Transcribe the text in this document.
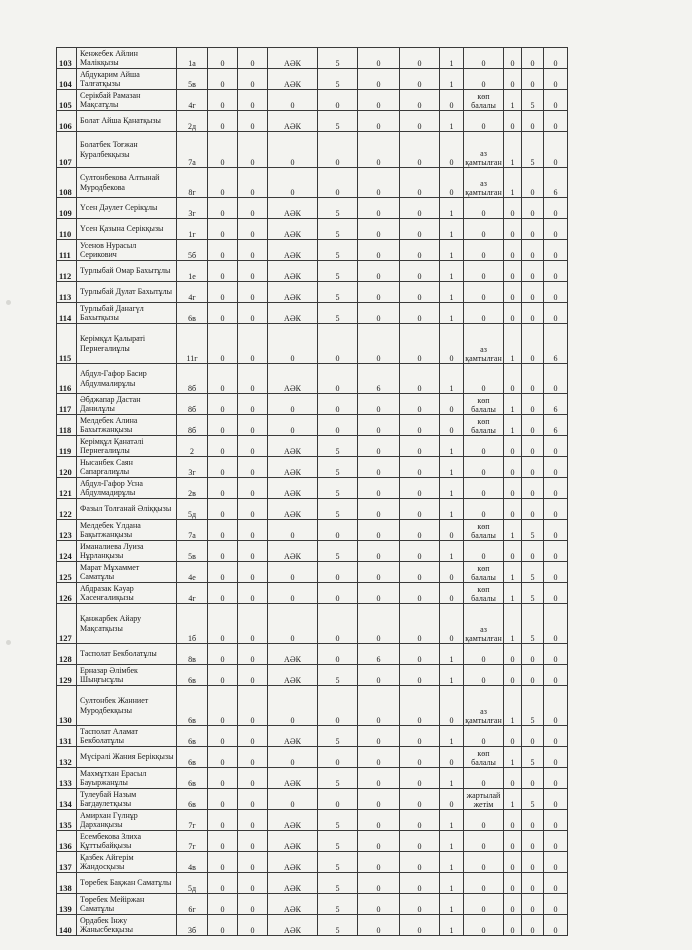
103	Кенжебек Айлин Малікқызы	1а	0	0	АӘК	5	0	0	1	0	0	0	0
104	Абдукарим Айша Талғатқызы	5в	0	0	АӘК	5	0	0	1	0	0	0	0
105	Серікбай Рамазан Мақсатұлы	4г	0	0	0	0	0	0	0	көп балалы	1	5	0
106	Болат Айша Қанатқызы	2д	0	0	АӘК	5	0	0	1	0	0	0	0
107	Болатбек Тоғжан Куралбекқызы	7а	0	0	0	0	0	0	0	аз қамтылған	1	5	0
108	Султонбекова Алтынай Муродбекова	8г	0	0	0	0	0	0	0	аз қамтылған	1	0	6
109	Үсен Дәулет Серікұлы	3г	0	0	АӘК	5	0	0	1	0	0	0	0
110	Үсен Қазына Серікқызы	1г	0	0	АӘК	5	0	0	1	0	0	0	0
111	Усенов Нурасыл Серикович	5б	0	0	АӘК	5	0	0	1	0	0	0	0
112	Турлыбай Омар Бахытұлы	1е	0	0	АӘК	5	0	0	1	0	0	0	0
113	Турлыбай Дулат Бахытұлы	4г	0	0	АӘК	5	0	0	1	0	0	0	0
114	Турлыбай Данагүл Бахытқызы	6в	0	0	АӘК	5	0	0	1	0	0	0	0
115	Керімқұл Қалыраті Пернеғалиұлы	11г	0	0	0	0	0	0	0	аз қамтылған	1	0	6
116	Абдул-Гафор Басир Абдулмалирұлы	8б	0	0	АӘК	0	6	0	1	0	0	0	0
117	Әбджапар Дастан Данилұлы	8б	0	0	0	0	0	0	0	көп балалы	1	0	6
118	Мелдебек Алина Бахытжанқызы	8б	0	0	0	0	0	0	0	көп балалы	1	0	6
119	Керімқұл Қанатәлі Пернеғалиұлы	2	0	0	АӘК	5	0	0	1	0	0	0	0
120	Нысанбек Саян Сапарғалиұлы	3г	0	0	АӘК	5	0	0	1	0	0	0	0
121	Абдул-Гафор Усна Абдулмадирұлы	2в	0	0	АӘК	5	0	0	1	0	0	0	0
122	Фазыл Толғанай Әліққызы	5д	0	0	АӘК	5	0	0	1	0	0	0	0
123	Мелдебек Үлдана Бақытжанқызы	7а	0	0	0	0	0	0	0	көп балалы	1	5	0
124	Иманалиева Луиза Нұрланқызы	5в	0	0	АӘК	5	0	0	1	0	0	0	0
125	Марат Мұхаммет Саматұлы	4е	0	0	0	0	0	0	0	көп балалы	1	5	0
126	Абдразак Кәуар Хасенғалиқызы	4г	0	0	0	0	0	0	0	көп балалы	1	5	0
127	Қанжарбек Айару Мақсатқызы	1б	0	0	0	0	0	0	0	аз қамтылған	1	5	0
128	Тасполат Бекболатұлы	8в	0	0	АӘК	0	6	0	1	0	0	0	0
129	Ерназар Әлімбек Шыңғысұлы	6в	0	0	АӘК	5	0	0	1	0	0	0	0
130	Султонбек Жанниет Муродбекқызы	6в	0	0	0	0	0	0	0	аз қамтылған	1	5	0
131	Тасполат Аламат Бекболатұлы	6в	0	0	АӘК	5	0	0	1	0	0	0	0
132	Мүсірәлі Жания Берікқызы	6в	0	0	0	0	0	0	0	көп балалы	1	5	0
133	Махмұтхан Ерасыл Бауыржанұлы	6в	0	0	АӘК	5	0	0	1	0	0	0	0
134	Тулеубай Назым Бағдаулетқызы	6в	0	0	0	0	0	0	0	жартылай жетім	1	5	0
135	Амирхан Гүлнұр Дарханқызы	7г	0	0	АӘК	5	0	0	1	0	0	0	0
136	Есембекова Злиха Құттыбайқызы	7г	0	0	АӘК	5	0	0	1	0	0	0	0
137	Қазбек Айгерім Жандосқызы	4в	0	0	АӘК	5	0	0	1	0	0	0	0
138	Төребек Бақжан Саматұлы	5д	0	0	АӘК	5	0	0	1	0	0	0	0
139	Төребек Мейіржан Саматұлы	6г	0	0	АӘК	5	0	0	1	0	0	0	0
140	Ордабек Інжу Жанысбекқызы	3б	0	0	АӘК	5	0	0	1	0	0	0	0
